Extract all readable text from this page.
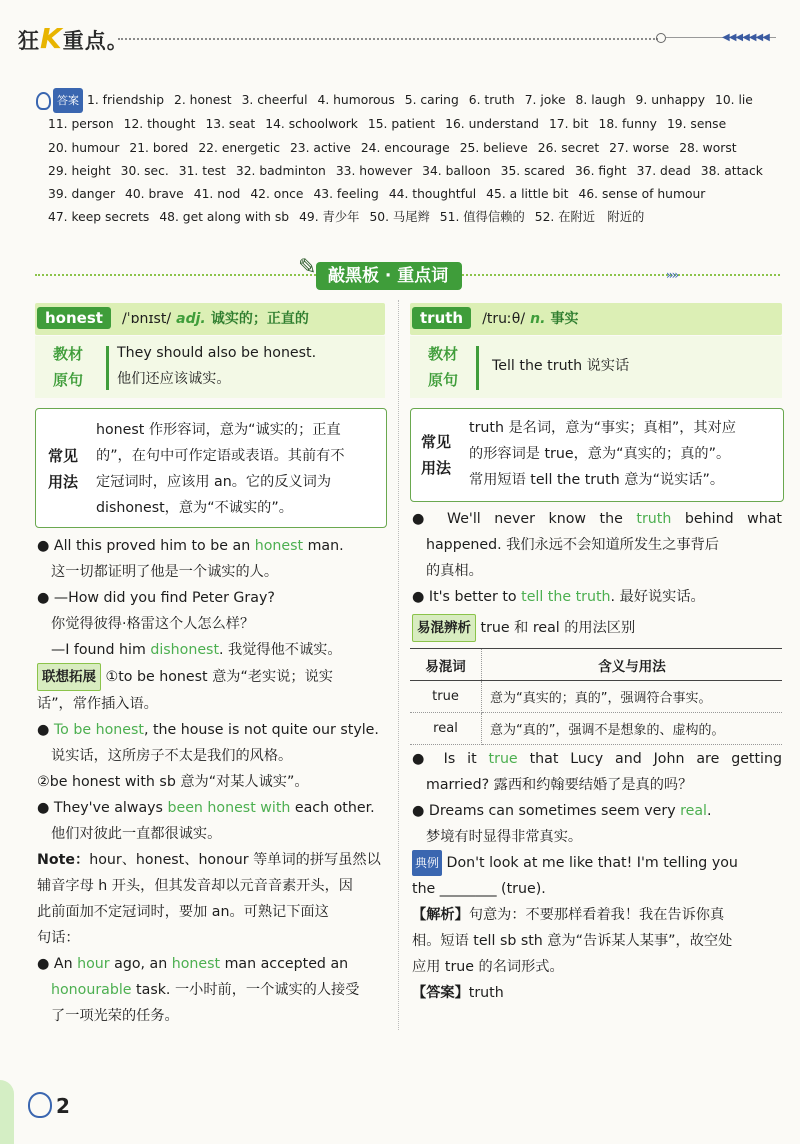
狂K重点。	◀◀◀◀◀◀◀
答案 1. friendship 2. honest 3. cheerful 4. humorous 5. caring 6. truth 7. joke 8. laugh 9. unhappy 10. lie
11. person 12. thought 13. seat 14. schoolwork 15. patient 16. understand 17. bit 18. funny 19. sense
20. humour 21. bored 22. energetic 23. active 24. encourage 25. believe 26. secret 27. worse 28. worst
29. height 30. sec. 31. test 32. badminton 33. however 34. balloon 35. scared 36. fight 37. dead 38. attack
39. danger 40. brave 41. nod 42. once 43. feeling 44. thoughtful 45. a little bit 46. sense of humour
47. keep secrets 48. get along with sb 49. 青少年 50. 马尾辫 51. 值得信赖的 52. 在附近　附近的
✎ 敲黑板 · 重点词	››››
honest /ˈɒnɪst/ adj. 诚实的；正直的
教材
原句
They should also be honest.
他们还应该诚实。
常见
用法
honest 作形容词，意为“诚实的；正直
的”，在句中可作定语或表语。其前有不
定冠词时，应该用 an。它的反义词为
dishonest，意为“不诚实的”。
● All this proved him to be an honest man.
这一切都证明了他是一个诚实的人。
● —How did you find Peter Gray?
你觉得彼得·格雷这个人怎么样？
—I found him dishonest. 我觉得他不诚实。
联想拓展 ①to be honest 意为“老实说；说实
话”，常作插入语。
● To be honest, the house is not quite our style.
说实话，这所房子不太是我们的风格。
②be honest with sb 意为“对某人诚实”。
● They've always been honest with each other.
他们对彼此一直都很诚实。
Note：hour、honest、honour 等单词的拼写虽然以
辅音字母 h 开头，但其发音却以元音音素开头，因
此前面加不定冠词时，要加 an。可熟记下面这
句话：
● An hour ago, an honest man accepted an
honourable task. 一小时前，一个诚实的人接受
了一项光荣的任务。
truth /truːθ/ n. 事实
教材
原句
Tell the truth 说实话
常见
用法
truth 是名词，意为“事实；真相”，其对应
的形容词是 true，意为“真实的；真的”。
常用短语 tell the truth 意为“说实话”。
● We'll never know the truth behind what
happened. 我们永远不会知道所发生之事背后
的真相。
● It's better to tell the truth. 最好说实话。
易混辨析 true 和 real 的用法区别
易混词	含义与用法
true	意为“真实的；真的”，强调符合事实。
real	意为“真的”，强调不是想象的、虚构的。
● Is it true that Lucy and John are getting
married? 露西和约翰要结婚了是真的吗？
● Dreams can sometimes seem very real.
梦境有时显得非常真实。
典例 Don't look at me like that! I'm telling you
the ________ (true).
【解析】句意为：不要那样看着我！我在告诉你真
相。短语 tell sb sth 意为“告诉某人某事”，故空处
应用 true 的名词形式。
【答案】truth
2
